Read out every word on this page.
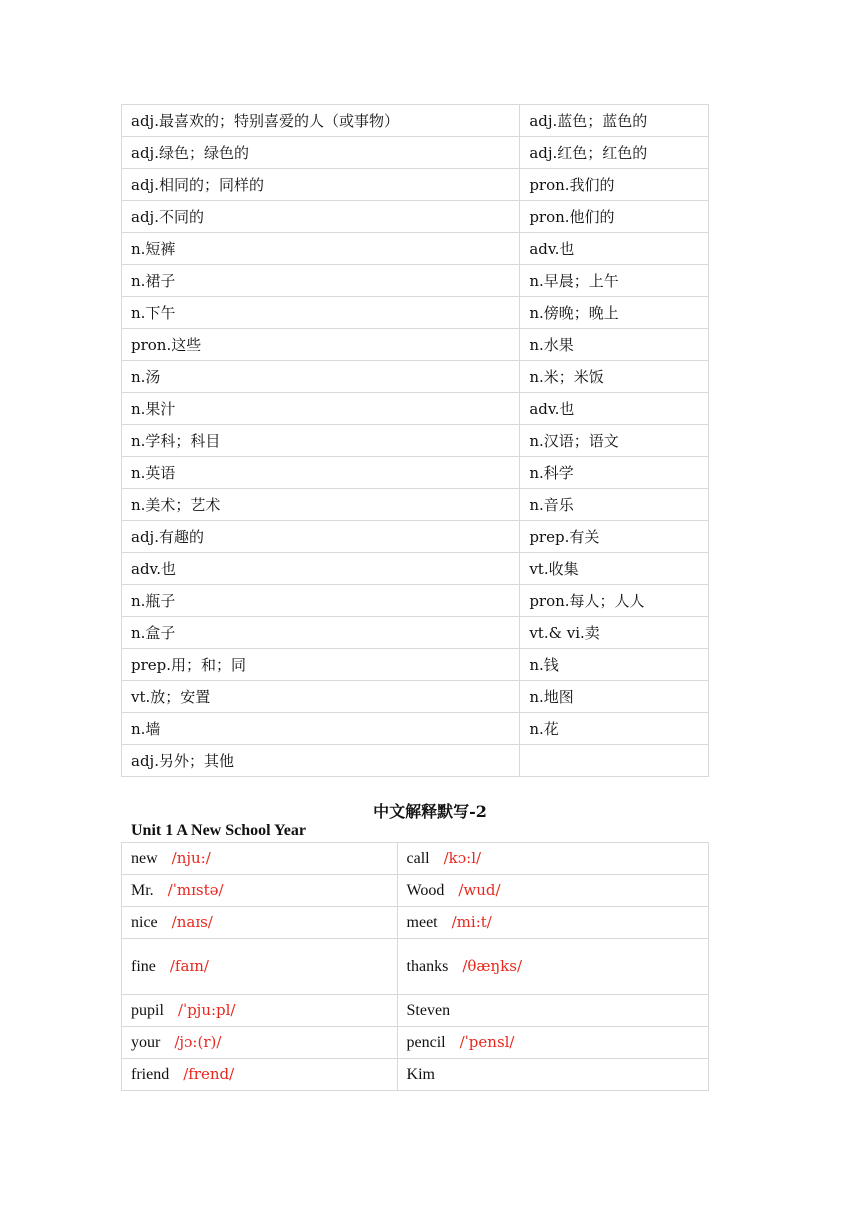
adj.最喜欢的；特别喜爱的人（或事物）	adj.蓝色；蓝色的
adj.绿色；绿色的	adj.红色；红色的
adj.相同的；同样的	pron.我们的
adj.不同的	pron.他们的
n.短裤	adv.也
n.裙子	n.早晨；上午
n.下午	n.傍晚；晚上
pron.这些	n.水果
n.汤	n.米；米饭
n.果汁	adv.也
n.学科；科目	n.汉语；语文
n.英语	n.科学
n.美术；艺术	n.音乐
adj.有趣的	prep.有关
adv.也	vt.收集
n.瓶子	pron.每人；人人
n.盒子	vt.& vi.卖
prep.用；和；同	n.钱
vt.放；安置	n.地图
n.墙	n.花
adj.另外；其他	
中文解释默写-2
Unit 1 A New School Year
new /nju:/	call /kɔ:l/
Mr. /ˈmɪstə/	Wood /wud/
nice /naɪs/	meet /mi:t/
fine /faɪn/	thanks /θæŋks/
pupil /ˈpju:pl/	Steven
your /jɔ:(r)/	pencil /ˈpensl/
friend /frend/	Kim
